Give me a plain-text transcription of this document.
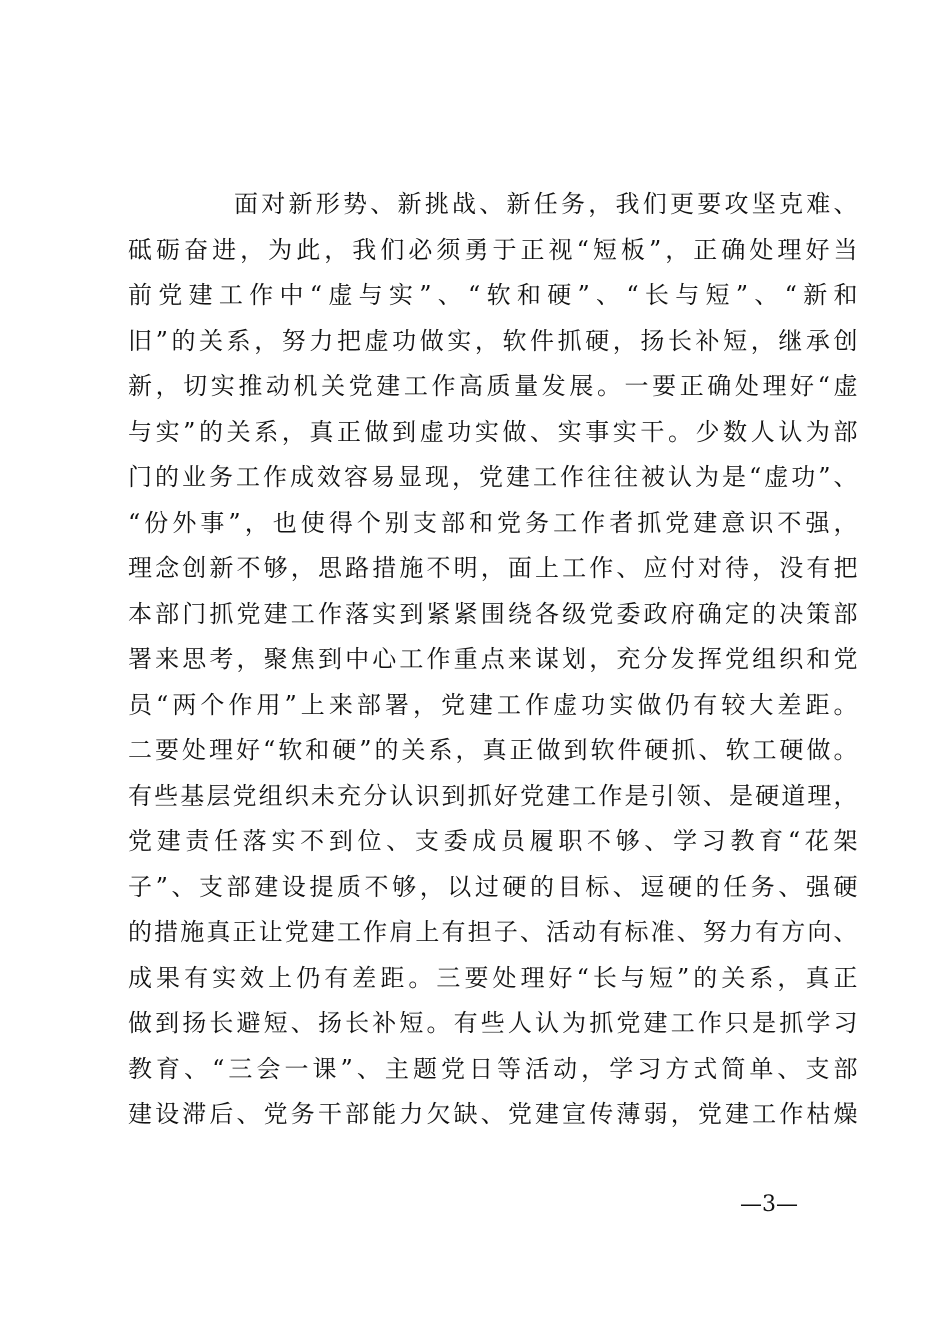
面对新形势、新挑战、新任务，我们更要攻坚克难、
砥砺奋进，为此，我们必须勇于正视“短板”，正确处理好当
前党建工作中“虚与实”、“软和硬”、“长与短”、“新和
旧”的关系，努力把虚功做实，软件抓硬，扬长补短，继承创
新，切实推动机关党建工作高质量发展。一要正确处理好“虚
与实”的关系，真正做到虚功实做、实事实干。少数人认为部
门的业务工作成效容易显现，党建工作往往被认为是“虚功”、
“份外事”，也使得个别支部和党务工作者抓党建意识不强，
理念创新不够，思路措施不明，面上工作、应付对待，没有把
本部门抓党建工作落实到紧紧围绕各级党委政府确定的决策部
署来思考，聚焦到中心工作重点来谋划，充分发挥党组织和党
员“两个作用”上来部署，党建工作虚功实做仍有较大差距。
二要处理好“软和硬”的关系，真正做到软件硬抓、软工硬做。
有些基层党组织未充分认识到抓好党建工作是引领、是硬道理，
党建责任落实不到位、支委成员履职不够、学习教育“花架
子”、支部建设提质不够，以过硬的目标、逗硬的任务、强硬
的措施真正让党建工作肩上有担子、活动有标准、努力有方向、
成果有实效上仍有差距。三要处理好“长与短”的关系，真正
做到扬长避短、扬长补短。有些人认为抓党建工作只是抓学习
教育、“三会一课”、主题党日等活动，学习方式简单、支部
建设滞后、党务干部能力欠缺、党建宣传薄弱，党建工作枯燥
—3—
